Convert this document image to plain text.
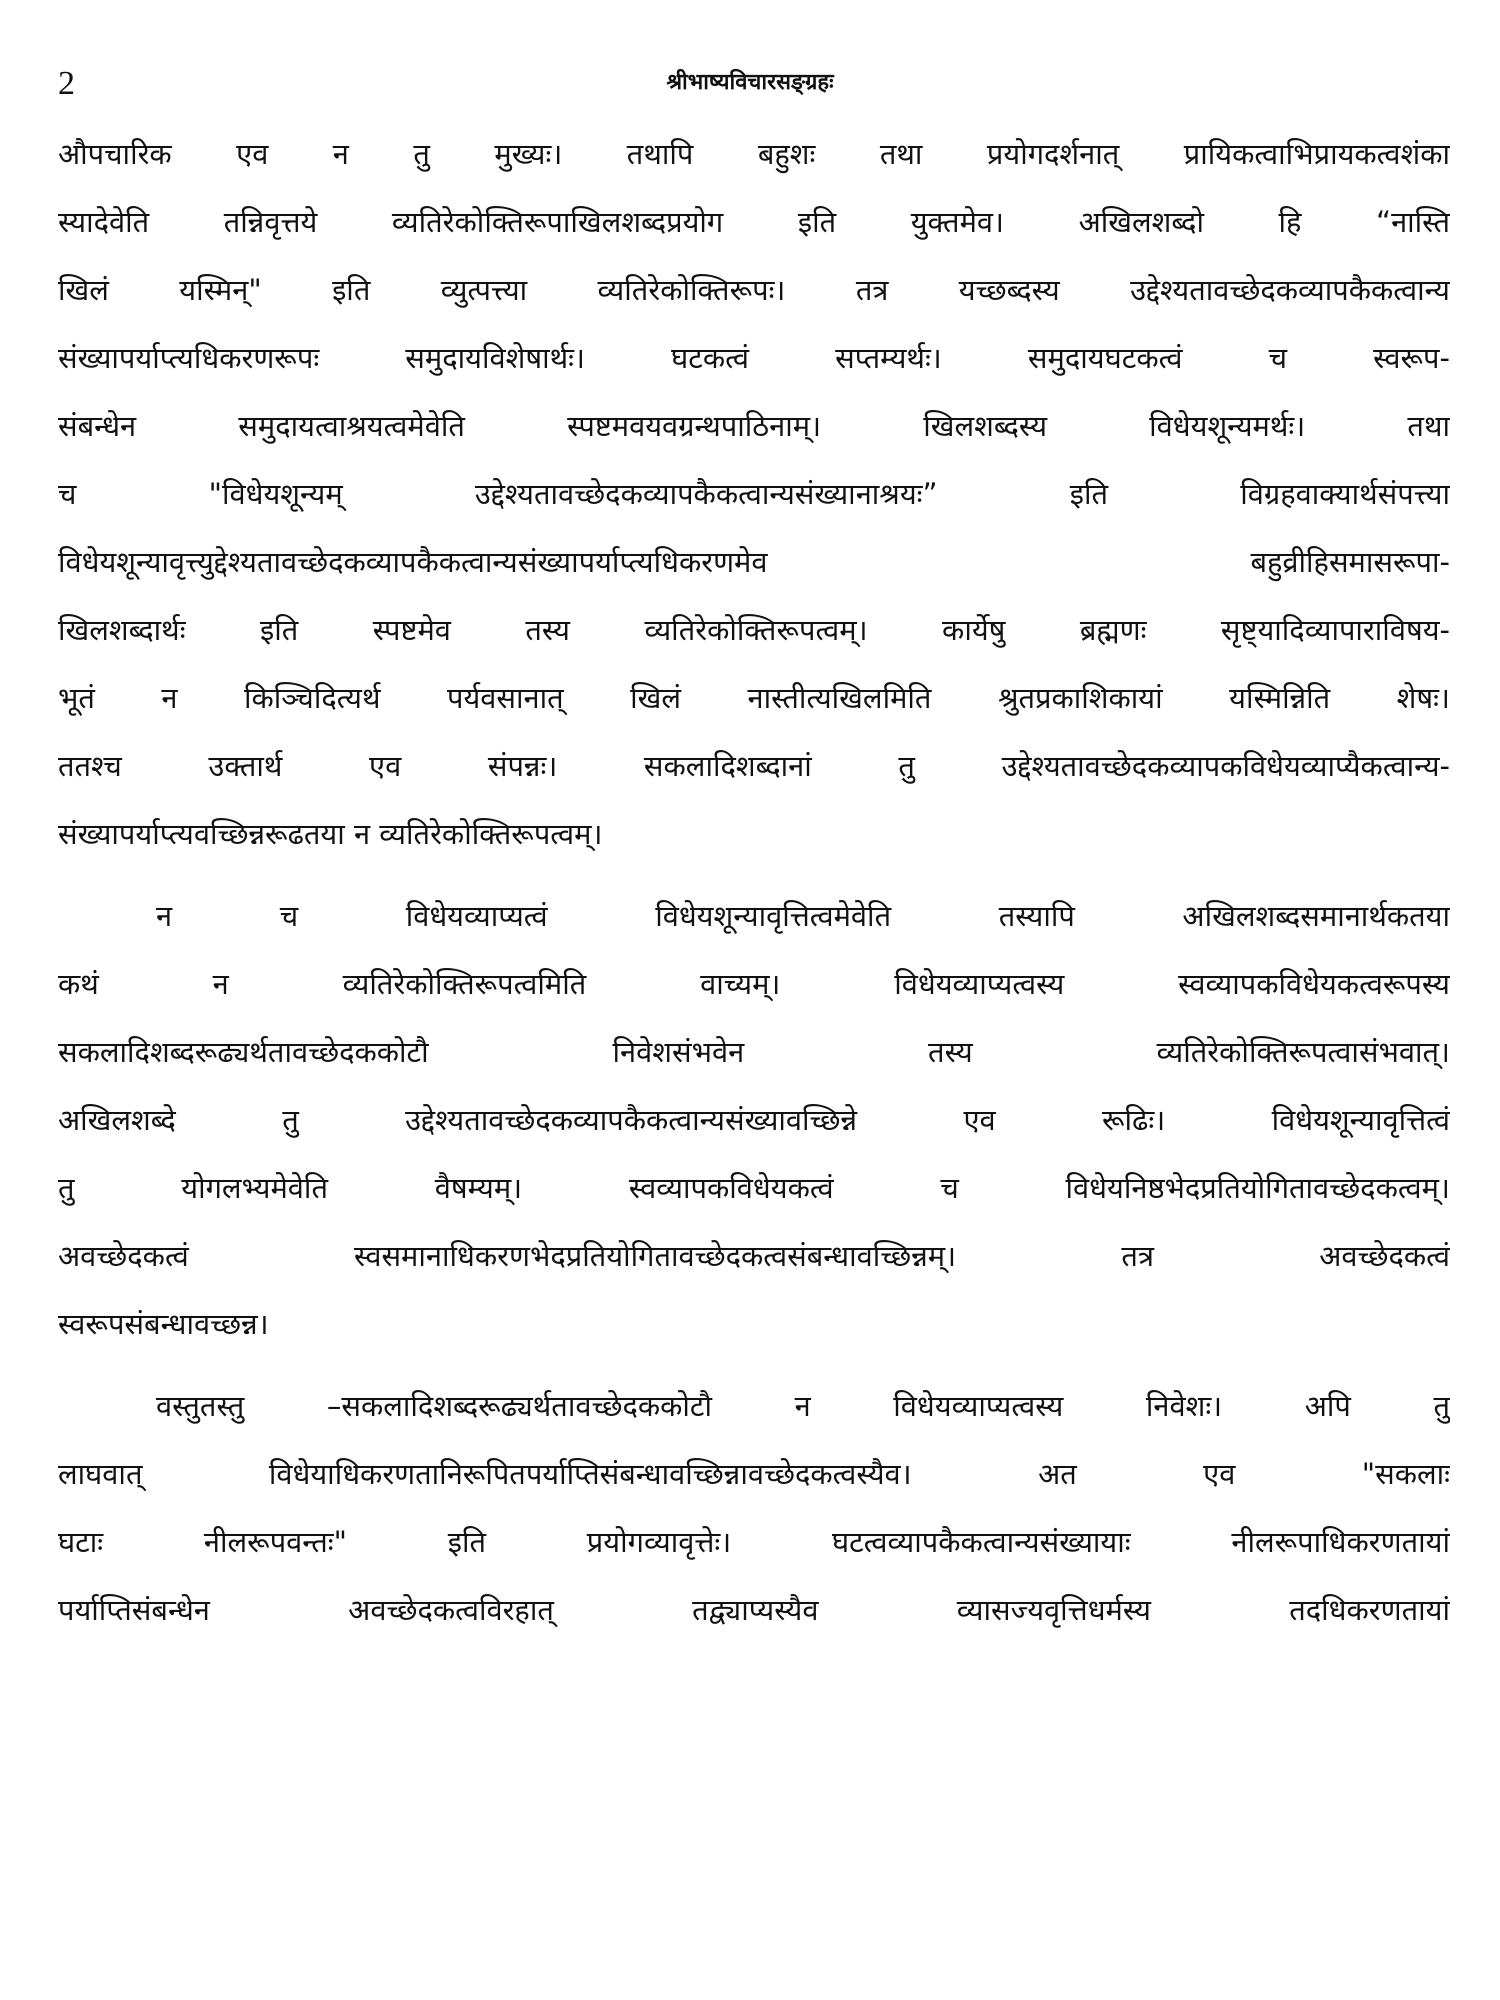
2	श्रीभाष्यविचारसङ्ग्रहः
औपचारिक एव न तु मुख्यः। तथापि बहुशः तथा प्रयोगदर्शनात् प्रायिकत्वाभिप्रायकत्वशंका
स्यादेवेति तन्निवृत्तये व्यतिरेकोक्तिरूपाखिलशब्दप्रयोग इति युक्तमेव। अखिलशब्दो हि “नास्ति
खिलं यस्मिन्" इति व्युत्पत्त्या व्यतिरेकोक्तिरूपः। तत्र यच्छब्दस्य उद्देश्यतावच्छेदकव्यापकैकत्वान्य
संख्यापर्याप्त्यधिकरणरूपः समुदायविशेषार्थः। घटकत्वं सप्तम्यर्थः। समुदायघटकत्वं च स्वरूप-
संबन्धेन समुदायत्वाश्रयत्वमेवेति स्पष्टमवयवग्रन्थपाठिनाम्। खिलशब्दस्य विधेयशून्यमर्थः। तथा
च "विधेयशून्यम् उद्देश्यतावच्छेदकव्यापकैकत्वान्यसंख्यानाश्रयः” इति विग्रहवाक्यार्थसंपत्त्या
विधेयशून्यावृत्त्युद्देश्यतावच्छेदकव्यापकैकत्वान्यसंख्यापर्याप्त्यधिकरणमेव बहुव्रीहिसमासरूपा-
खिलशब्दार्थः इति स्पष्टमेव तस्य व्यतिरेकोक्तिरूपत्वम्। कार्येषु ब्रह्मणः सृष्ट्यादिव्यापाराविषय-
भूतं न किञ्चिदित्यर्थ पर्यवसानात् खिलं नास्तीत्यखिलमिति श्रुतप्रकाशिकायां यस्मिन्निति शेषः।
ततश्च उक्तार्थ एव संपन्नः। सकलादिशब्दानां तु उद्देश्यतावच्छेदकव्यापकविधेयव्याप्यैकत्वान्य-
संख्यापर्याप्त्यवच्छिन्नरूढतया न व्यतिरेकोक्तिरूपत्वम्।
न च विधेयव्याप्यत्वं विधेयशून्यावृत्तित्वमेवेति तस्यापि अखिलशब्दसमानार्थकतया
कथं न व्यतिरेकोक्तिरूपत्वमिति वाच्यम्। विधेयव्याप्यत्वस्य स्वव्यापकविधेयकत्वरूपस्य
सकलादिशब्दरूढ्यर्थतावच्छेदककोटौ निवेशसंभवेन तस्य व्यतिरेकोक्तिरूपत्वासंभवात्।
अखिलशब्दे तु उद्देश्यतावच्छेदकव्यापकैकत्वान्यसंख्यावच्छिन्ने एव रूढिः। विधेयशून्यावृत्तित्वं
तु योगलभ्यमेवेति वैषम्यम्। स्वव्यापकविधेयकत्वं च विधेयनिष्ठभेदप्रतियोगितावच्छेदकत्वम्।
अवच्छेदकत्वं स्वसमानाधिकरणभेदप्रतियोगितावच्छेदकत्वसंबन्धावच्छिन्नम्। तत्र अवच्छेदकत्वं
स्वरूपसंबन्धावच्छन्न।
वस्तुतस्तु –सकलादिशब्दरूढ्यर्थतावच्छेदककोटौ न विधेयव्याप्यत्वस्य निवेशः। अपि तु
लाघवात् विधेयाधिकरणतानिरूपितपर्याप्तिसंबन्धावच्छिन्नावच्छेदकत्वस्यैव। अत एव "सकलाः
घटाः नीलरूपवन्तः" इति प्रयोगव्यावृत्तेः। घटत्वव्यापकैकत्वान्यसंख्यायाः नीलरूपाधिकरणतायां
पर्याप्तिसंबन्धेन अवच्छेदकत्वविरहात् तद्व्याप्यस्यैव व्यासज्यवृत्तिधर्मस्य तदधिकरणतायां
